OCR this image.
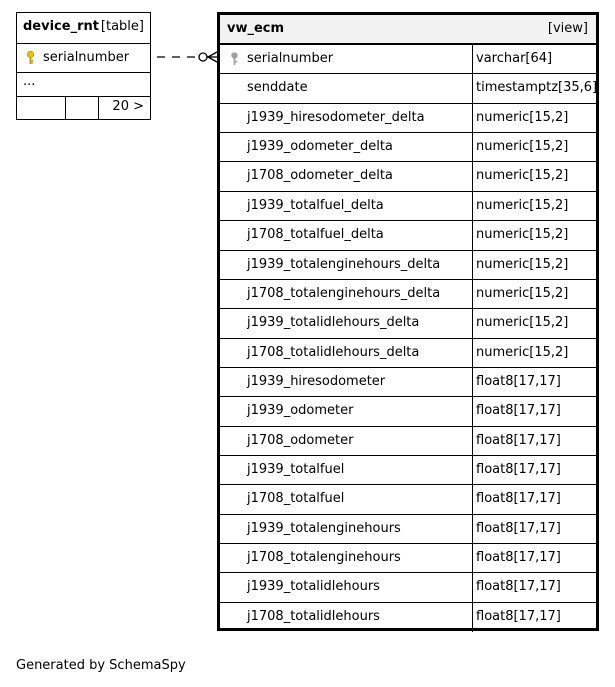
device_rnt [table]
serialnumber
...
20 >
vw_ecm	[view]
serialnumber	varchar[64]
senddate	timestamptz[35,6]
j1939_hiresodometer_delta	numeric[15,2]
j1939_odometer_delta	numeric[15,2]
j1708_odometer_delta	numeric[15,2]
j1939_totalfuel_delta	numeric[15,2]
j1708_totalfuel_delta	numeric[15,2]
j1939_totalenginehours_delta	numeric[15,2]
j1708_totalenginehours_delta	numeric[15,2]
j1939_totalidlehours_delta	numeric[15,2]
j1708_totalidlehours_delta	numeric[15,2]
j1939_hiresodometer	float8[17,17]
j1939_odometer	float8[17,17]
j1708_odometer	float8[17,17]
j1939_totalfuel	float8[17,17]
j1708_totalfuel	float8[17,17]
j1939_totalenginehours	float8[17,17]
j1708_totalenginehours	float8[17,17]
j1939_totalidlehours	float8[17,17]
j1708_totalidlehours	float8[17,17]
Generated by SchemaSpy
